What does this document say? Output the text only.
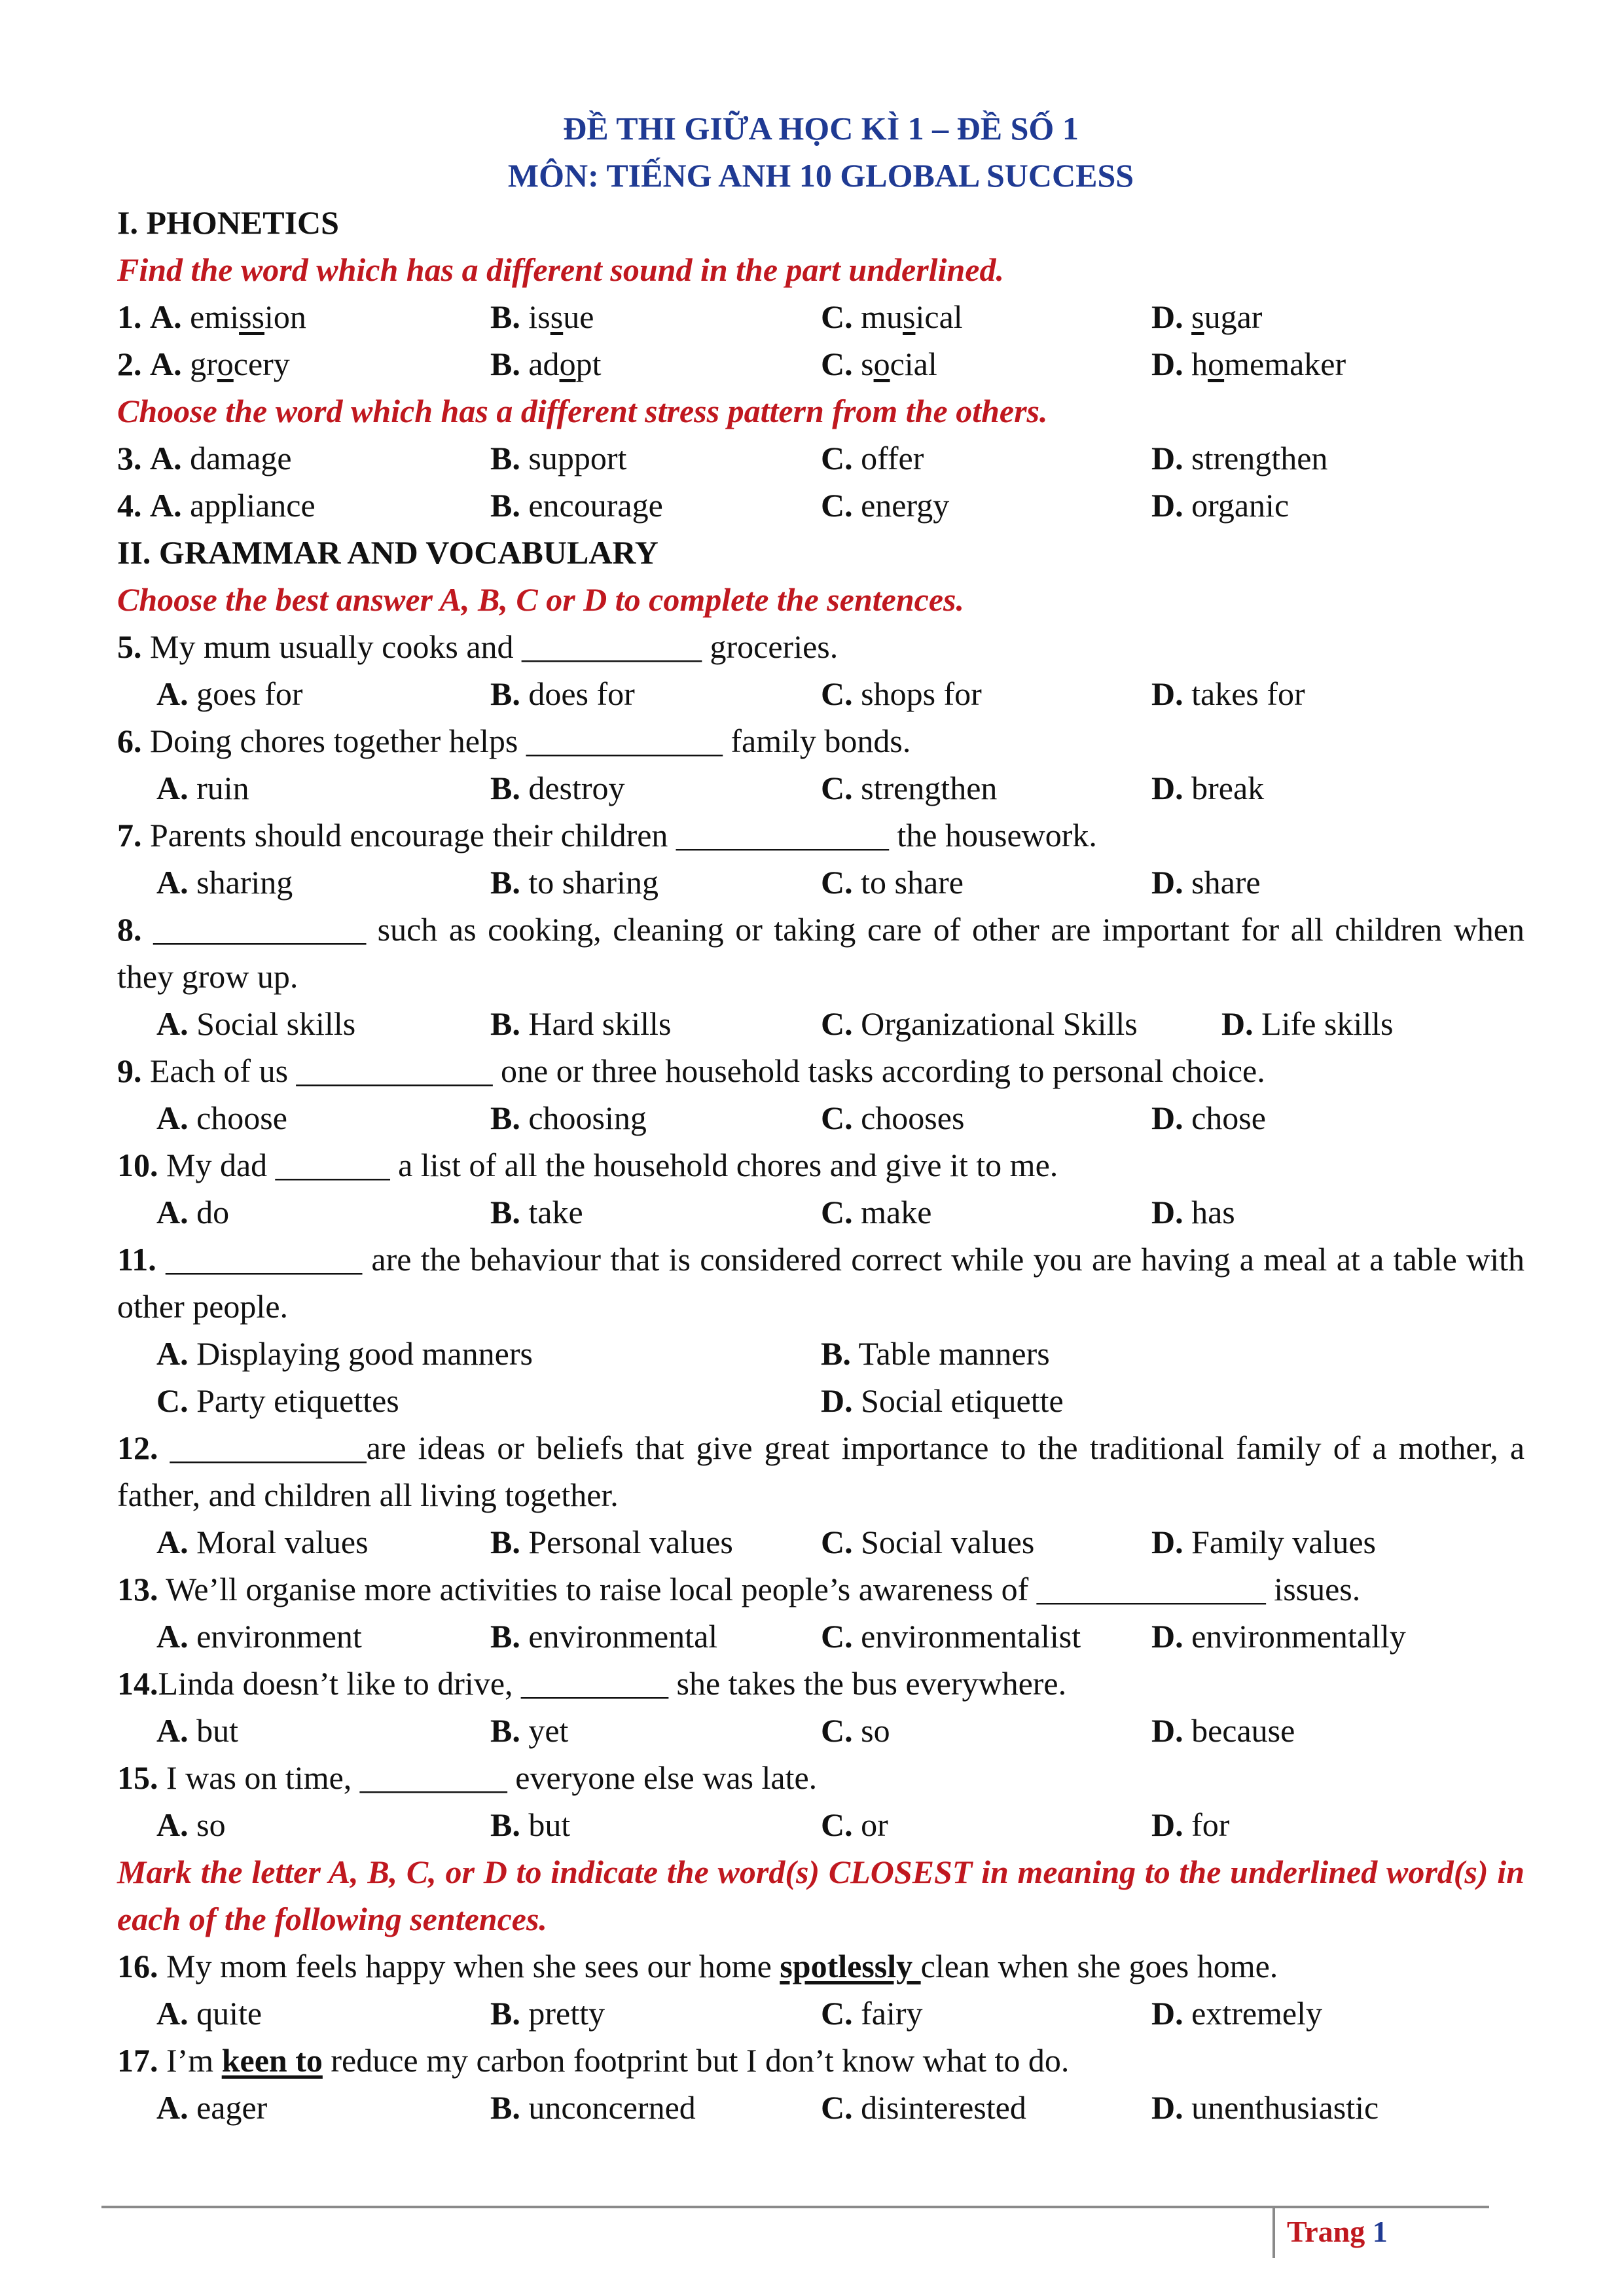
ĐỀ THI GIỮA HỌC KÌ 1 – ĐỀ SỐ 1
MÔN: TIẾNG ANH 10 GLOBAL SUCCESS
I. PHONETICS
Find the word which has a different sound in the part underlined.
1. A. emission	B. issue	C. musical	D. sugar
2. A. grocery	B. adopt	C. social	D. homemaker
Choose the word which has a different stress pattern from the others.
3. A. damage	B. support	C. offer	D. strengthen
4. A. appliance	B. encourage	C. energy	D. organic
II. GRAMMAR AND VOCABULARY
Choose the best answer A, B, C or D to complete the sentences.
5. My mum usually cooks and ___________ groceries.
A. goes for	B. does for	C. shops for	D. takes for
6. Doing chores together helps ____________ family bonds.
A. ruin	B. destroy	C. strengthen	D. break
7. Parents should encourage their children _____________ the housework.
A. sharing	B. to sharing	C. to share	D. share
8. _____________ such as cooking, cleaning or taking care of other are important for all children when they grow up.
A. Social skills	B. Hard skills	C. Organizational Skills	D. Life skills
9. Each of us ____________ one or three household tasks according to personal choice.
A. choose	B. choosing	C. chooses	D. chose
10. My dad _______ a list of all the household chores and give it to me.
A. do	B. take	C. make	D. has
11. ____________ are the behaviour that is considered correct while you are having a meal at a table with other people.
A. Displaying good manners	B. Table manners
C. Party etiquettes	D. Social etiquette
12. ____________are ideas or beliefs that give great importance to the traditional family of a mother, a father, and children all living together.
A. Moral values	B. Personal values	C. Social values	D. Family values
13. We’ll organise more activities to raise local people’s awareness of ______________ issues.
A. environment	B. environmental	C. environmentalist D. environmentally
14.Linda doesn’t like to drive, _________ she takes the bus everywhere.
A. but	B. yet	C. so	D. because
15. I was on time, _________ everyone else was late.
A. so	B. but	C. or	D. for
Mark the letter A, B, C, or D to indicate the word(s) CLOSEST in meaning to the underlined word(s) in each of the following sentences.
16. My mom feels happy when she sees our home spotlessly clean when she goes home.
A. quite	B. pretty	C. fairy	D. extremely
17. I’m keen to reduce my carbon footprint but I don’t know what to do.
A. eager	B. unconcerned	C. disinterested	D. unenthusiastic
Trang 1
